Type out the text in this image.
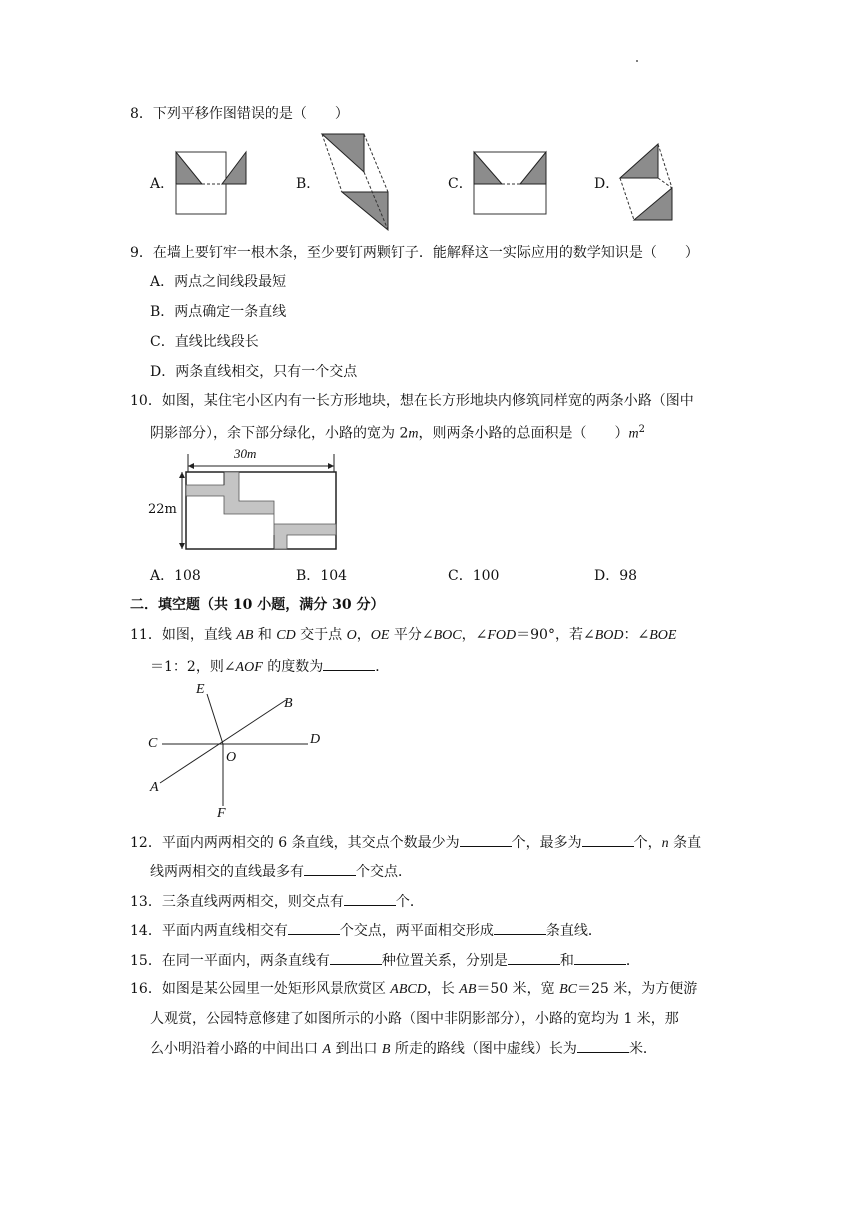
8．下列平移作图错误的是（　　）
A．	B．	C．	D．
9．在墙上要钉牢一根木条，至少要钉两颗钉子．能解释这一实际应用的数学知识是（　　）
A．两点之间线段最短
B．两点确定一条直线
C．直线比线段长
D．两条直线相交，只有一个交点
10．如图，某住宅小区内有一长方形地块，想在长方形地块内修筑同样宽的两条小路（图中
阴影部分），余下部分绿化，小路的宽为 2m，则两条小路的总面积是（　　）$m^2$
30m
22m
A．108	B．104	C．100	D．98
二．填空题（共 10 小题，满分 30 分）
11．如图，直线 AB 和 CD 交于点 O，OE 平分∠BOC，∠FOD＝90°，若∠BOD：∠BOE
＝1：2，则∠AOF 的度数为	．
E
B
C
O
D
A
F
12．平面内两两相交的 6 条直线，其交点个数最少为	个，最多为	个，n 条直
线两两相交的直线最多有	个交点．
13．三条直线两两相交，则交点有	个．
14．平面内两直线相交有	个交点，两平面相交形成	条直线．
15．在同一平面内，两条直线有	种位置关系，分别是	和	．
16．如图是某公园里一处矩形风景欣赏区 ABCD，长 AB＝50 米，宽 BC＝25 米，为方便游
人观赏，公园特意修建了如图所示的小路（图中非阴影部分），小路的宽均为 1 米，那
么小明沿着小路的中间出口 A 到出口 B 所走的路线（图中虚线）长为	米．
